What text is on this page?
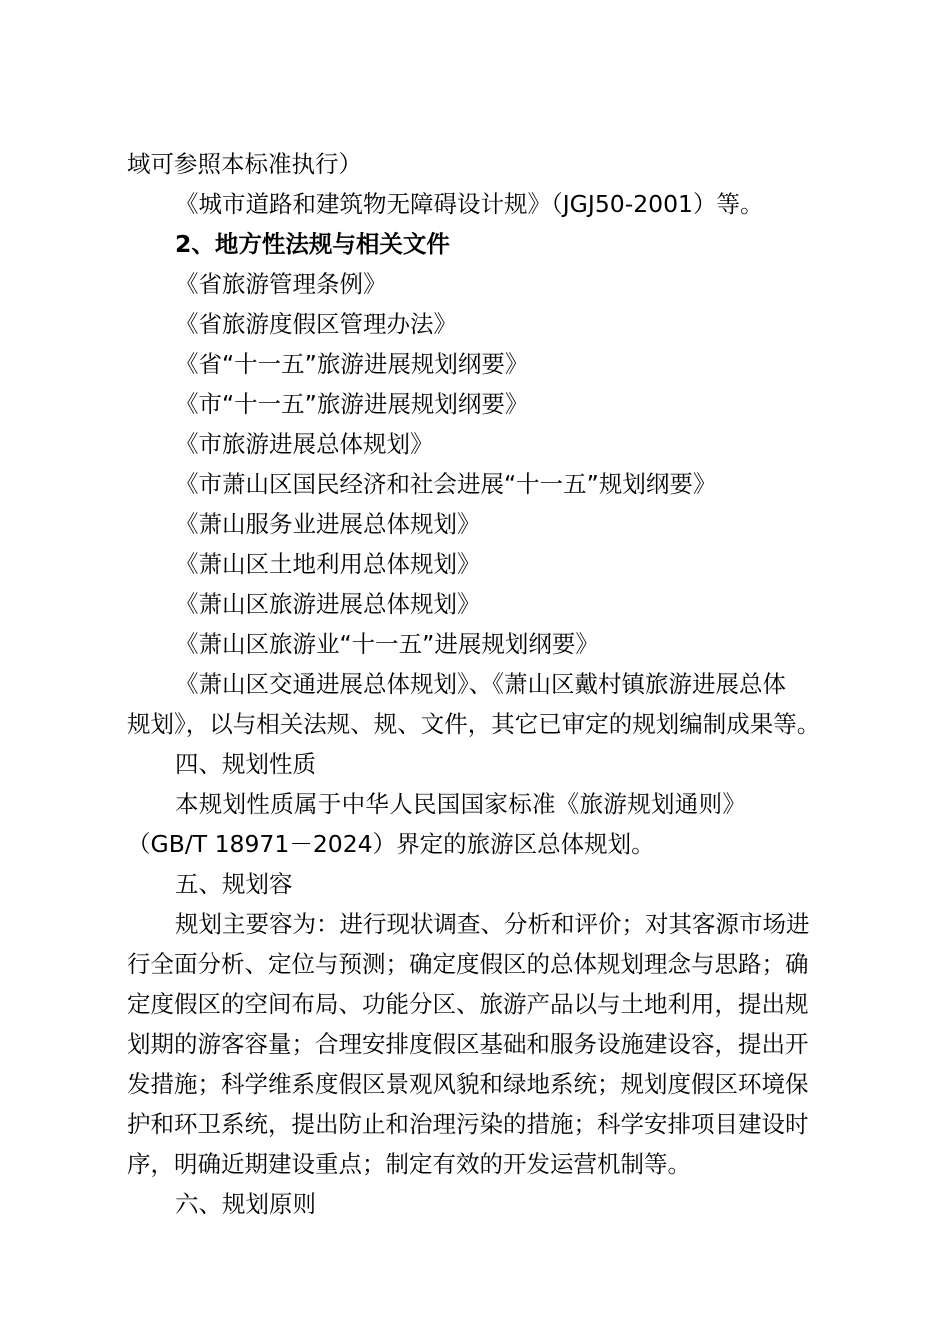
域可参照本标准执行）
《城市道路和建筑物无障碍设计规》（JGJ50-2001）等。
2、地方性法规与相关文件
《省旅游管理条例》
《省旅游度假区管理办法》
《省“十一五”旅游进展规划纲要》
《市“十一五”旅游进展规划纲要》
《市旅游进展总体规划》
《市萧山区国民经济和社会进展“十一五”规划纲要》
《萧山服务业进展总体规划》
《萧山区土地利用总体规划》
《萧山区旅游进展总体规划》
《萧山区旅游业“十一五”进展规划纲要》
《萧山区交通进展总体规划》、《萧山区戴村镇旅游进展总体
规划》，以与相关法规、规、文件，其它已审定的规划编制成果等。
四、规划性质
本规划性质属于中华人民国国家标准《旅游规划通则》
（GB/T 18971－2024）界定的旅游区总体规划。
五、规划容
规划主要容为：进行现状调查、分析和评价；对其客源市场进
行全面分析、定位与预测；确定度假区的总体规划理念与思路；确
定度假区的空间布局、功能分区、旅游产品以与土地利用，提出规
划期的游客容量；合理安排度假区基础和服务设施建设容，提出开
发措施；科学维系度假区景观风貌和绿地系统；规划度假区环境保
护和环卫系统，提出防止和治理污染的措施；科学安排项目建设时
序，明确近期建设重点；制定有效的开发运营机制等。
六、规划原则
